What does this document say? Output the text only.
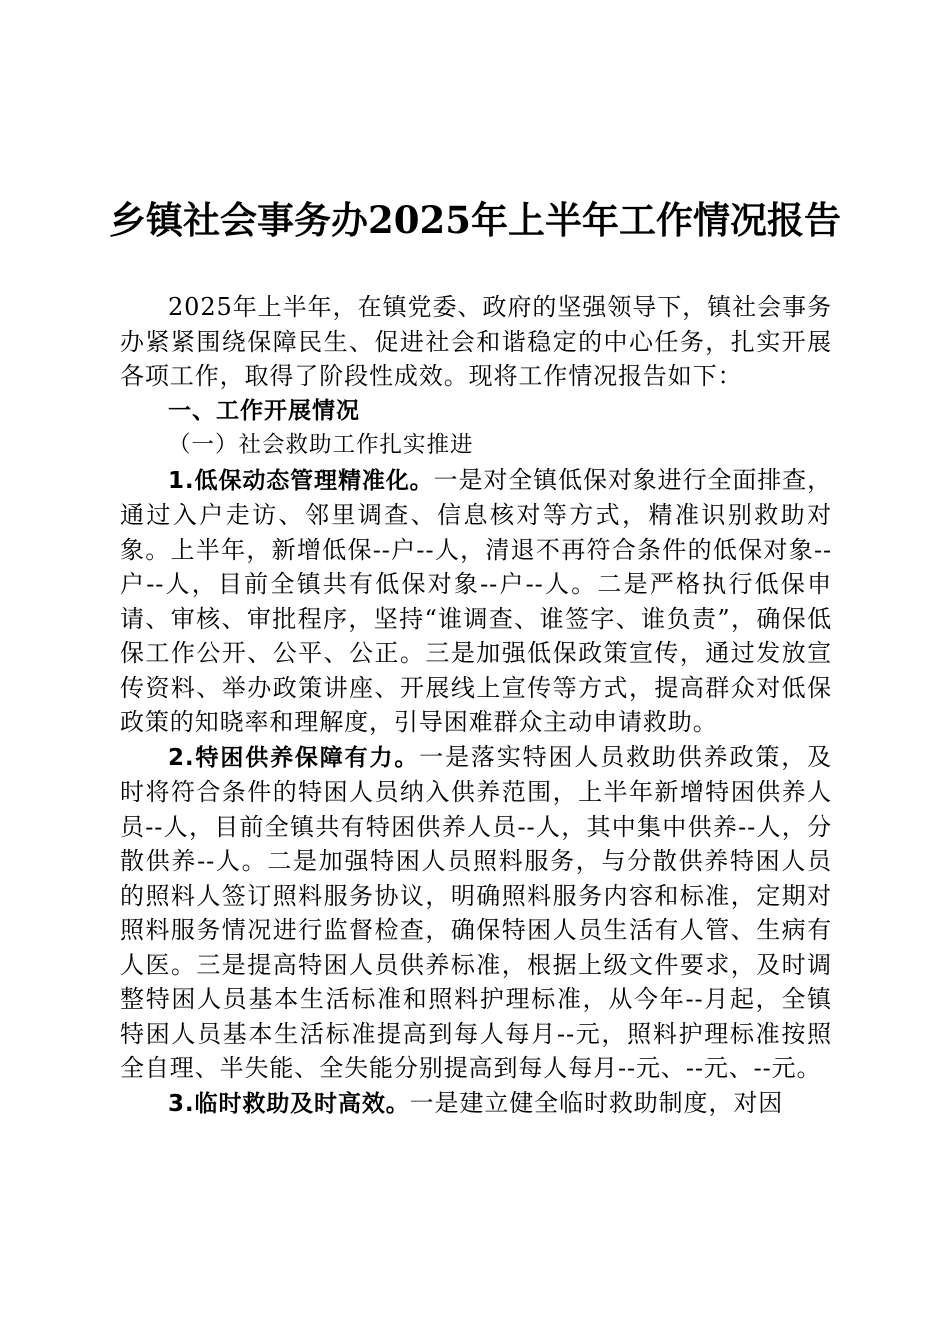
乡镇社会事务办2025年上半年工作情况报告

2025年上半年，在镇党委、政府的坚强领导下，镇社会事务办紧紧围绕保障民生、促进社会和谐稳定的中心任务，扎实开展各项工作，取得了阶段性成效。现将工作情况报告如下：

一、工作开展情况

（一）社会救助工作扎实推进

1.低保动态管理精准化。一是对全镇低保对象进行全面排查，通过入户走访、邻里调查、信息核对等方式，精准识别救助对象。上半年，新增低保--户--人，清退不再符合条件的低保对象--户--人，目前全镇共有低保对象--户--人。二是严格执行低保申请、审核、审批程序，坚持“谁调查、谁签字、谁负责”，确保低保工作公开、公平、公正。三是加强低保政策宣传，通过发放宣传资料、举办政策讲座、开展线上宣传等方式，提高群众对低保政策的知晓率和理解度，引导困难群众主动申请救助。

2.特困供养保障有力。一是落实特困人员救助供养政策，及时将符合条件的特困人员纳入供养范围，上半年新增特困供养人员--人，目前全镇共有特困供养人员--人，其中集中供养--人，分散供养--人。二是加强特困人员照料服务，与分散供养特困人员的照料人签订照料服务协议，明确照料服务内容和标准，定期对照料服务情况进行监督检查，确保特困人员生活有人管、生病有人医。三是提高特困人员供养标准，根据上级文件要求，及时调整特困人员基本生活标准和照料护理标准，从今年--月起，全镇特困人员基本生活标准提高到每人每月--元，照料护理标准按照全自理、半失能、全失能分别提高到每人每月--元、--元、--元。

3.临时救助及时高效。一是建立健全临时救助制度，对因
